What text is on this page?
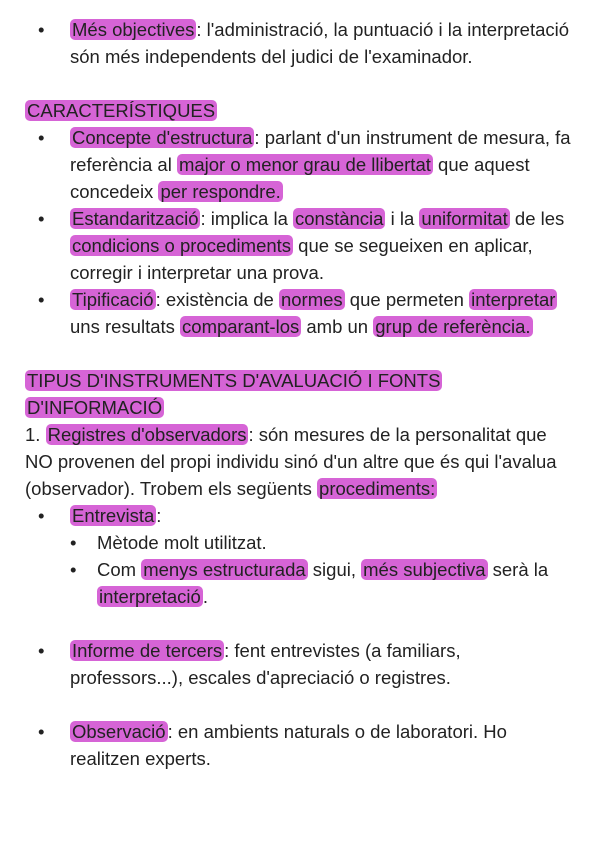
• Més objectives : l'administració, la puntuació i la interpretació són més independents del judici de l'examinador.

CARACTERÍSTIQUES

• Concepte d'estructura : parlant d'un instrument de mesura, fa referència al major o menor grau de llibertat que aquest concedeix per respondre.
• Estandarització : implica la constància i la uniformitat de les condicions o procediments que se segueixen en aplicar, corregir i interpretar una prova.
• Tipificació : existència de normes que permeten interpretar uns resultats comparant-los amb un grup de referència.

TIPUS D'INSTRUMENTS D'AVALUACIÓ I FONTS D'INFORMACIÓ

1. Registres d'observadors : són mesures de la personalitat que NO provenen del propi individu sinó d'un altre que és qui l'avalua (observador). Trobem els següents procediments:

• Entrevista :
• Mètode molt utilitzat.
• Com menys estructurada sigui, més subjectiva serà la interpretació .
• Informe de tercers : fent entrevistes (a familiars, professors...), escales d'apreciació o registres.
• Observació : en ambients naturals o de laboratori. Ho realitzen experts.
